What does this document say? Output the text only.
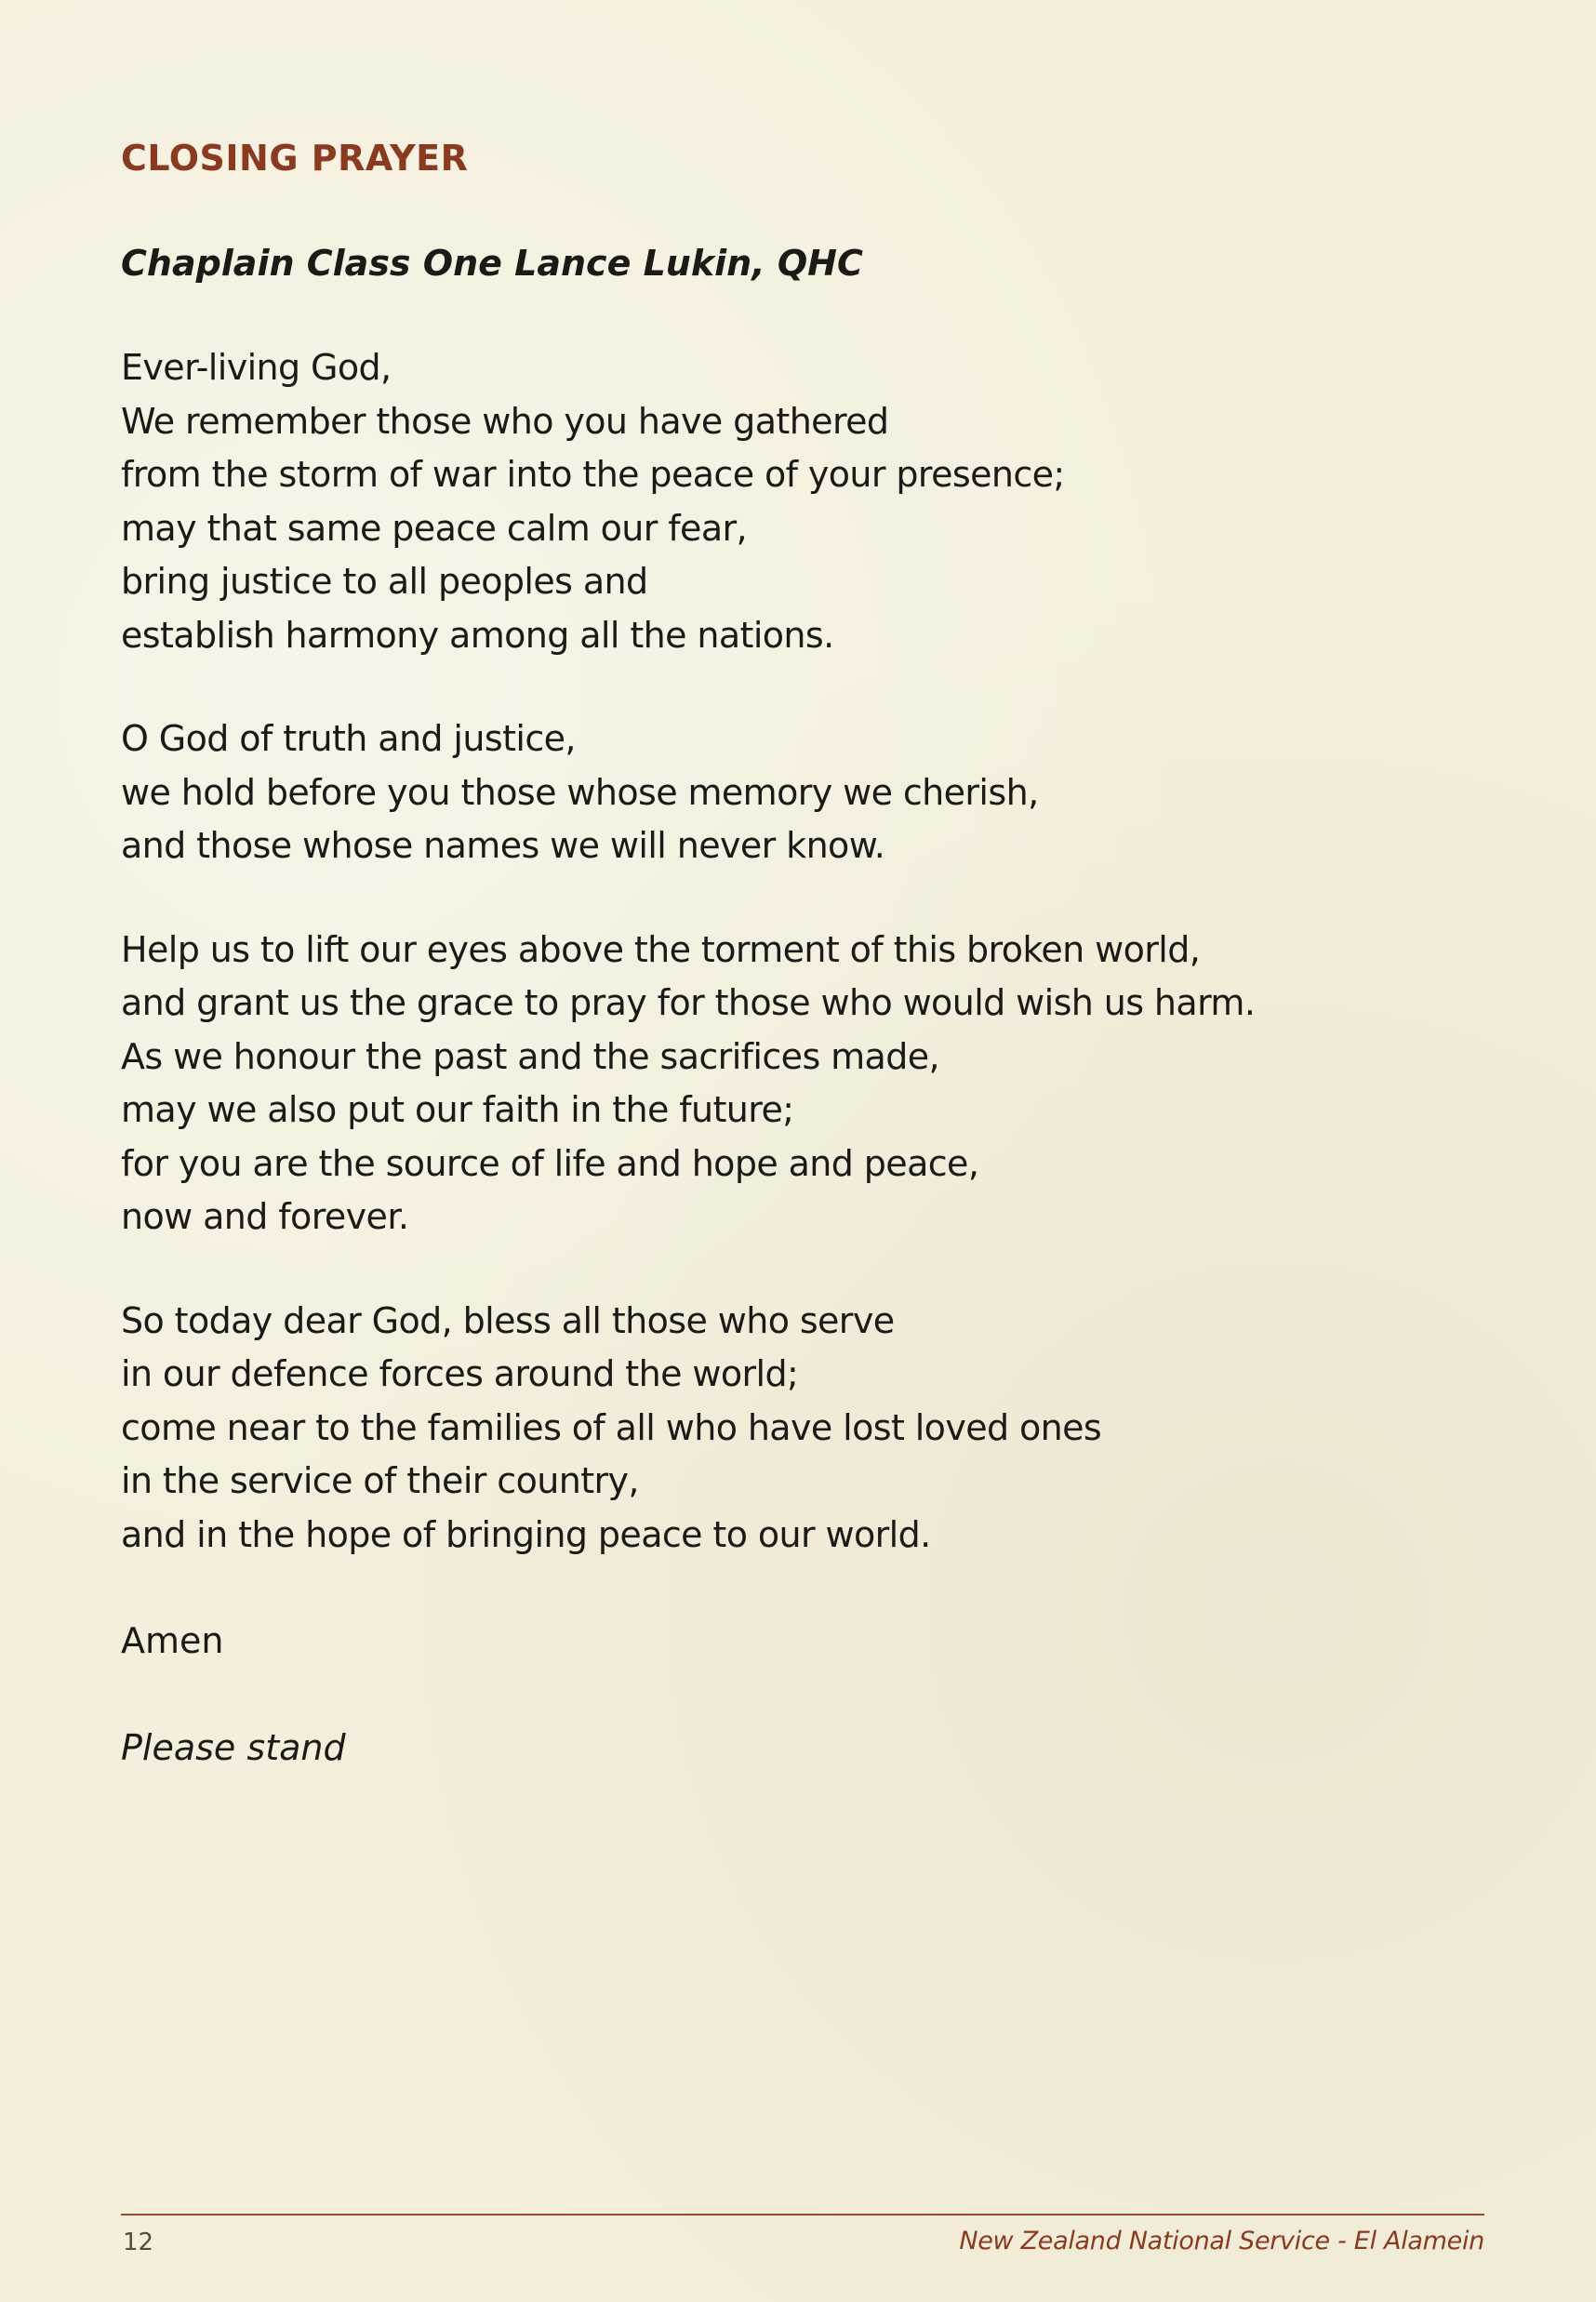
CLOSING PRAYER

Chaplain Class One Lance Lukin, QHC

Ever-living God,
We remember those who you have gathered
from the storm of war into the peace of your presence;
may that same peace calm our fear,
bring justice to all peoples and
establish harmony among all the nations.
O God of truth and justice,
we hold before you those whose memory we cherish,
and those whose names we will never know.
Help us to lift our eyes above the torment of this broken world,
and grant us the grace to pray for those who would wish us harm.
As we honour the past and the sacrifices made,
may we also put our faith in the future;
for you are the source of life and hope and peace,
now and forever.
So today dear God, bless all those who serve
in our defence forces around the world;
come near to the families of all who have lost loved ones
in the service of their country,
and in the hope of bringing peace to our world.

Amen

Please stand

12	New Zealand National Service - El Alamein
